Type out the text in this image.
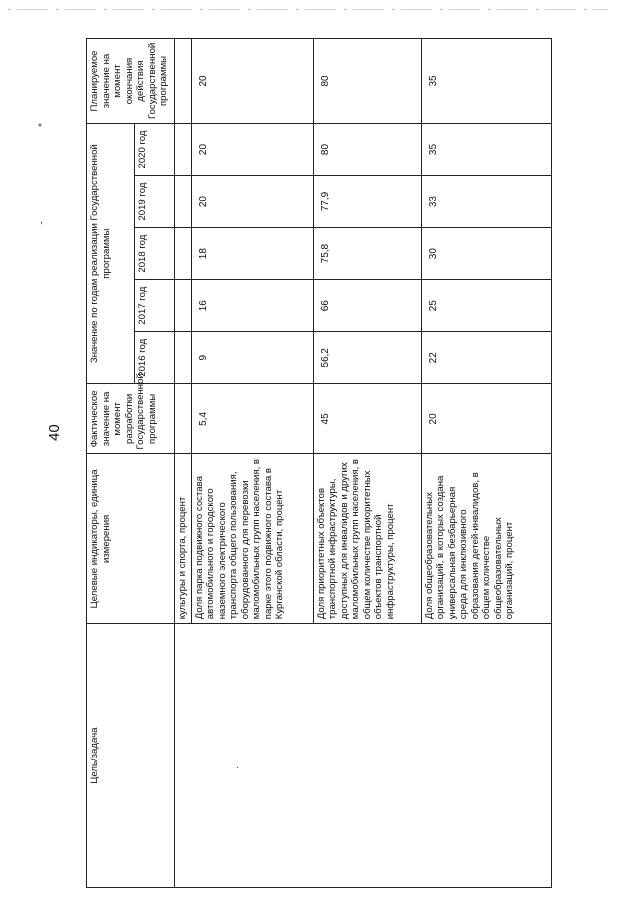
40
*
,
.
Цель/задача	Целевые индикаторы, единица измерения	Фактическое значение на момент разработки Государственной программы	Значение по годам реализации Государственной программы					Планируемое значение на момент окончания действия Государственной программы
			2016 год	2017 год	2018 год	2019 год	2020 год	
	культуры и спорта, процент							
	Доля парка подвижного состава автомобильного и городского наземного электрического транспорта общего пользования, оборудованного для перевозки маломобильных групп населения, в парке этого подвижного состава в Курганской области, процент	5,4	9	16	18	20	20	20
	Доля приоритетных объектов транспортной инфраструктуры, доступных для инвалидов и других маломобильных групп населения, в общем количестве приоритетных объектов транспортной инфраструктуры, процент	45	56,2	66	75,8	77,9	80	80
	Доля общеобразовательных организаций, в которых создана универсальная безбарьерная среда для инклюзивного образования детей-инвалидов, в общем количестве общеобразовательных организаций, процент	20	22	25	30	33	35	35
